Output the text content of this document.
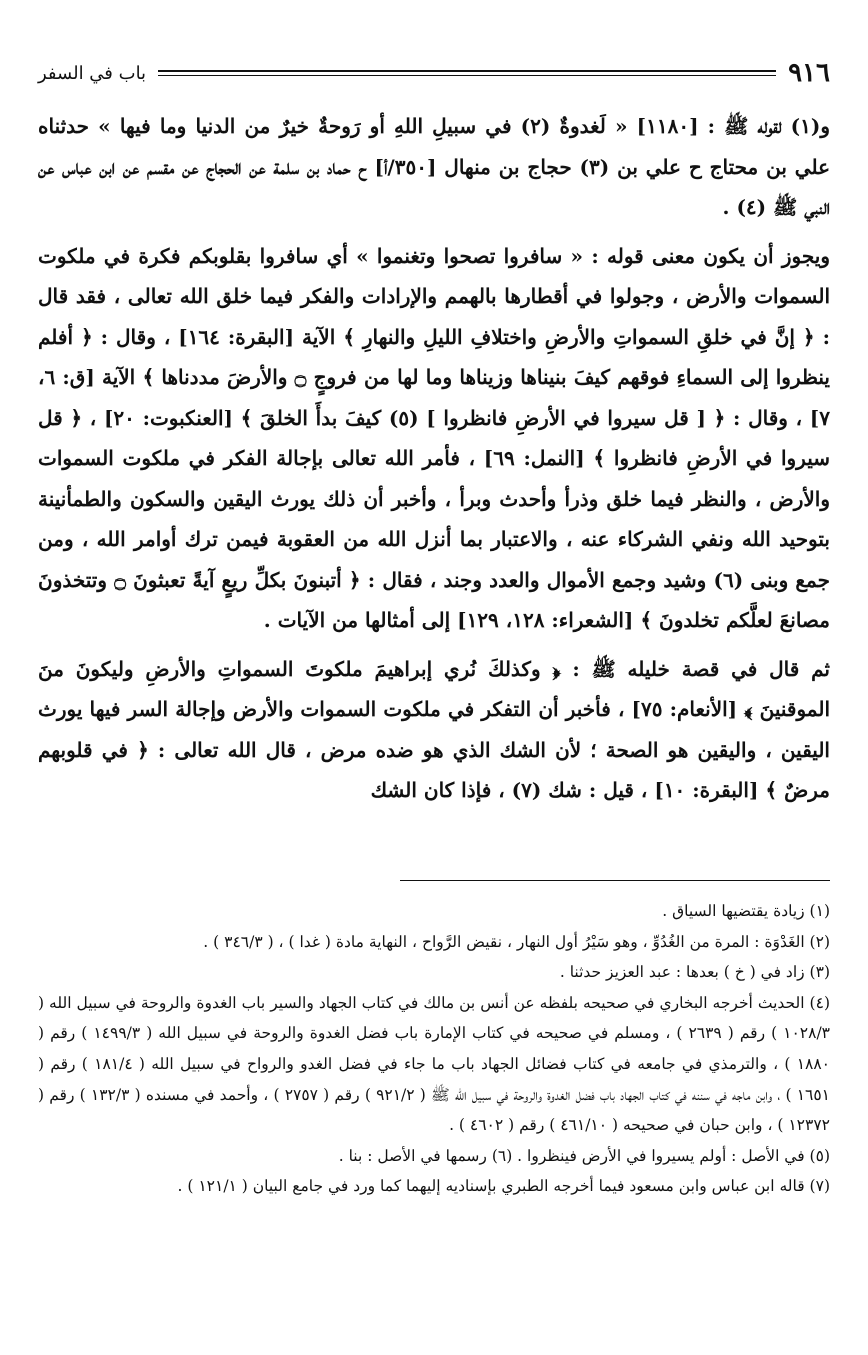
٩١٦
باب في السفر

و(١) لقوله ﷺ : [١١٨٠] « لَغدوةٌ (٢) في سبيلِ اللهِ أو رَوحةٌ خيرٌ من الدنيا وما فيها » حدثناه علي بن محتاج ح علي بن (٣) حجاج بن منهال [٣٥٠/أ] ح حماد بن سلمة عن الحجاج عن مقسم عن ابن عباس عن النبي ﷺ (٤) .

ويجوز أن يكون معنى قوله : « سافروا تصحوا وتغنموا » أي سافروا بقلوبكم فكرة في ملكوت السموات والأرض ، وجولوا في أقطارها بالهمم والإرادات والفكر فيما خلق الله تعالى ، فقد قال : ﴿ إنَّ في خلقِ السمواتِ والأرضِ واختلافِ الليلِ والنهارِ ﴾ الآية [البقرة: ١٦٤] ، وقال : ﴿ أفلم ينظروا إلى السماءِ فوقهم كيفَ بنيناها وزيناها وما لها من فروجٍ ۝ والأرضَ مددناها ﴾ الآية [ق: ٦، ٧] ، وقال : ﴿ [ قل سيروا في الأرضِ فانظروا ] (٥) كيفَ بدأَ الخلقَ ﴾ [العنكبوت: ٢٠] ، ﴿ قل سيروا في الأرضِ فانظروا ﴾ [النمل: ٦٩] ، فأمر الله تعالى بإجالة الفكر في ملكوت السموات والأرض ، والنظر فيما خلق وذرأ وأحدث وبرأ ، وأخبر أن ذلك يورث اليقين والسكون والطمأنينة بتوحيد الله ونفي الشركاء عنه ، والاعتبار بما أنزل الله من العقوبة فيمن ترك أوامر الله ، ومن جمع وبنى (٦) وشيد وجمع الأموال والعدد وجند ، فقال : ﴿ أتبنونَ بكلِّ ريعٍ آيةً تعبثونَ ۝ وتتخذونَ مصانعَ لعلَّكم تخلدونَ ﴾ [الشعراء: ١٢٨، ١٢٩] إلى أمثالها من الآيات .

ثم قال في قصة خليله ﷺ : ﴿ وكذلكَ نُري إبراهيمَ ملكوتَ السمواتِ والأرضِ وليكونَ منَ الموقنينَ ﴾ [الأنعام: ٧٥] ، فأخبر أن التفكر في ملكوت السموات والأرض وإجالة السر فيها يورث اليقين ، واليقين هو الصحة ؛ لأن الشك الذي هو ضده مرض ، قال الله تعالى : ﴿ في قلوبهم مرضٌ ﴾ [البقرة: ١٠] ، قيل : شك (٧) ، فإذا كان الشك

(١) زيادة يقتضيها السياق .

(٢) الغَدْوَة : المرة من الغُدُوِّ ، وهو سَيْرُ أول النهار ، نقيض الرَّواح ، النهاية مادة ( غدا ) ، ( ٣٤٦/٣ ) .

(٣) زاد في ( خ ) بعدها : عبد العزيز حدثنا .

(٤) الحديث أخرجه البخاري في صحيحه بلفظه عن أنس بن مالك في كتاب الجهاد والسير باب الغدوة والروحة في سبيل الله ( ١٠٢٨/٣ ) رقم ( ٢٦٣٩ ) ، ومسلم في صحيحه في كتاب الإمارة باب فضل الغدوة والروحة في سبيل الله ( ١٤٩٩/٣ ) رقم ( ١٨٨٠ ) ، والترمذي في جامعه في كتاب فضائل الجهاد باب ما جاء في فضل الغدو والرواح في سبيل الله ( ١٨١/٤ ) رقم ( ١٦٥١ ) ، وابن ماجه في سننه في كتاب الجهاد باب فضل الغدوة والروحة في سبيل الله ﷺ ( ٩٢١/٢ ) رقم ( ٢٧٥٧ ) ، وأحمد في مسنده ( ١٣٢/٣ ) رقم ( ١٢٣٧٢ ) ، وابن حبان في صحيحه ( ٤٦١/١٠ ) رقم ( ٤٦٠٢ ) .

(٥) في الأصل : أولم يسيروا في الأرض فينظروا . (٦) رسمها في الأصل : بنا .

(٧) قاله ابن عباس وابن مسعود فيما أخرجه الطبري بإسناديه إليهما كما ورد في جامع البيان ( ١٢١/١ ) .
